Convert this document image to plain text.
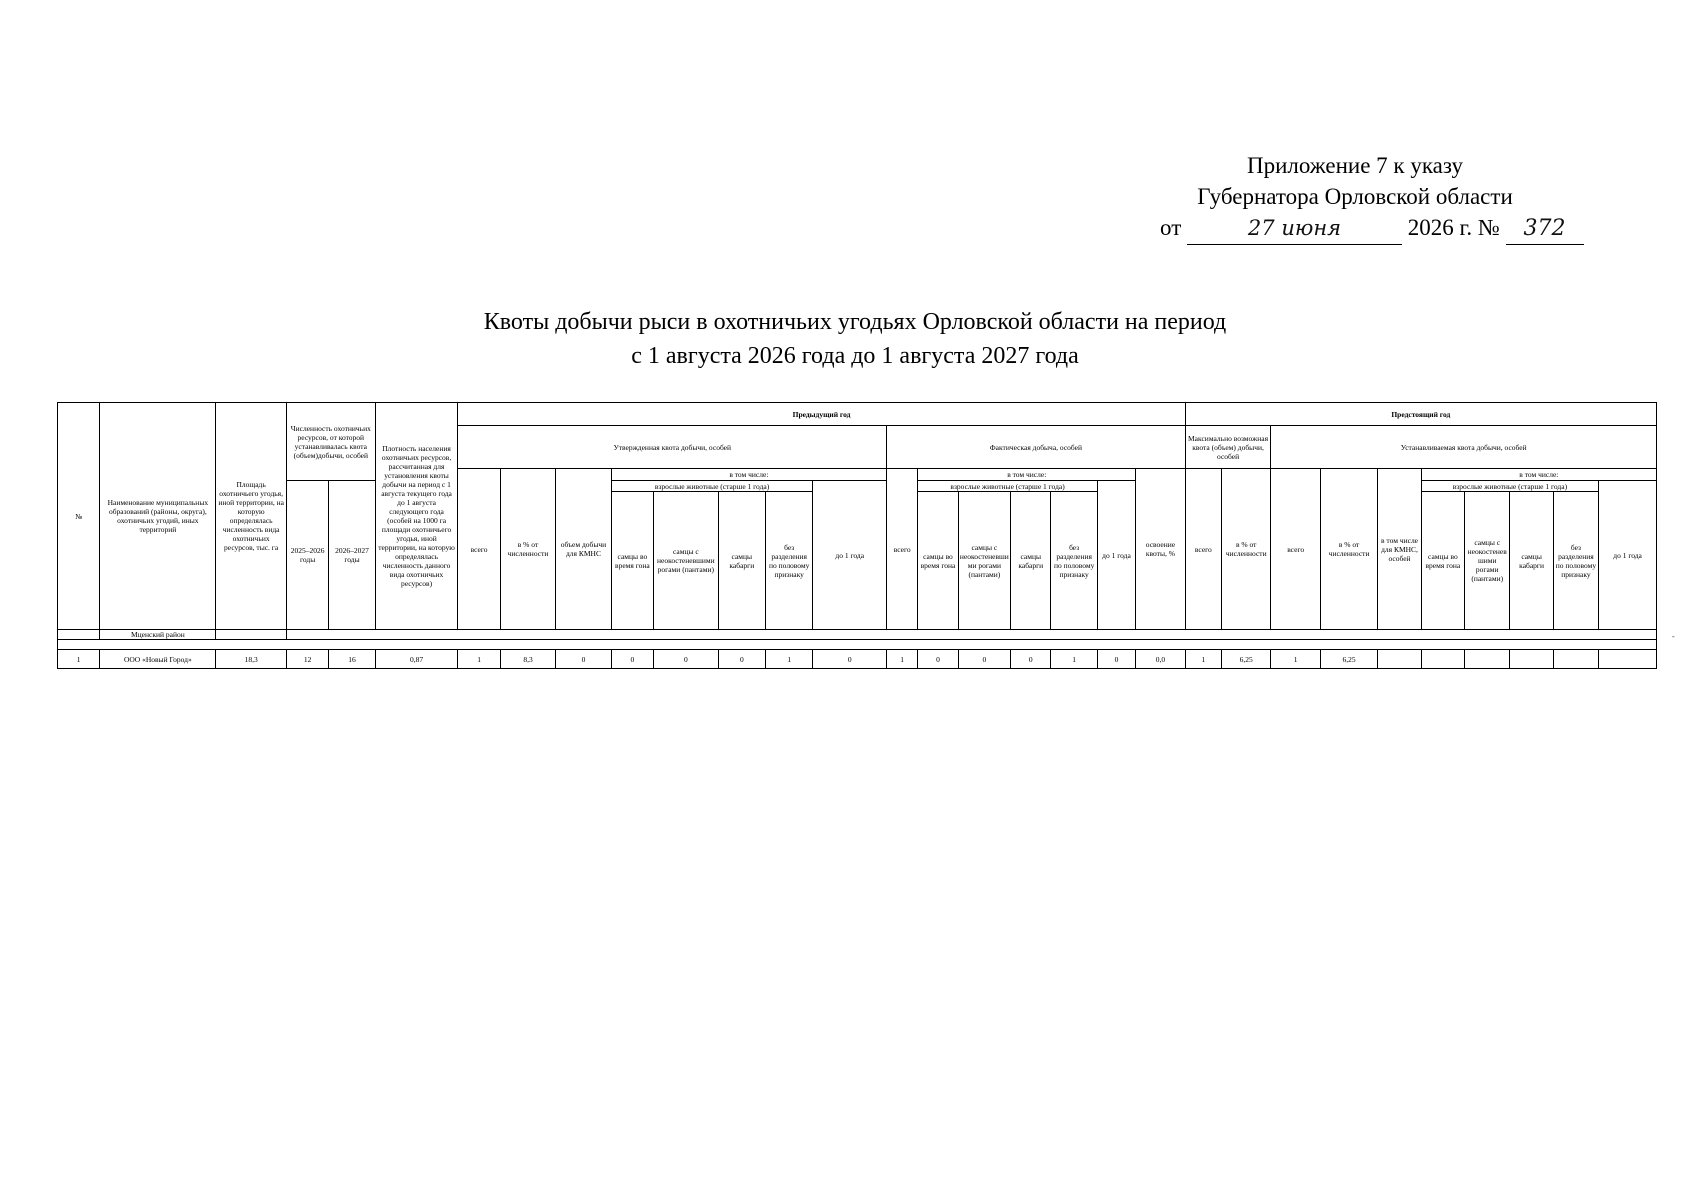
Приложение 7 к указу
Губернатора Орловской области
от	27 июня	2026 г. № 372
Квоты добычи рыси в охотничьих угодьях Орловской области на период
с 1 августа 2026 года до 1 августа 2027 года
№	Наименование муниципальных образований (районы, округа), охотничьих угодий, иных территорий	Площадь охотничьего угодья, иной территории, на которую определялась численность вида охотничьих ресурсов, тыс. га	Численность охотничьих ресурсов, от которой устанавливалась квота (объем)добычи, особей		Плотность населения охотничьих ресурсов, рассчитанная для установления квоты добычи на период с 1 августа текущего года до 1 августа следующего года (особей на 1000 га площади охотничьего угодья, иной территории, на которую определялась численность данного вида охотничьих ресурсов)	Предыдущий год															Предстоящий год									
						Утвержденная квота добычи, особей								Фактическая добыча, особей							Максимально возможная квота (объем) добычи, особей		Устанавливаемая квота добычи, особей							
						всего	в % от численности	объем добычи для КМНС	в том числе:					всего	в том числе:					освоение квоты, %	всего	в % от численности	всего	в % от численности	в том числе для КМНС, особей	в том числе:				
			2025–2026 годы	2026–2027 годы					взрослые животные (старше 1 года)				до 1 года		взрослые животные (старше 1 года)				до 1 года							взрослые животные (старше 1 года)				до 1 года
									самцы во время гона	самцы с неокостеневшими рогами (пантами)	самцы кабарги	без разделения по половому признаку			самцы во время гона	самцы с неокостеневшими рогами (пантами)	самцы кабарги	без разделения по половому признаку								самцы во время гона	самцы с неокостеневшими рогами (пантами)	самцы кабарги	без разделения по половому признаку	
	Мценский район																													

1	ООО «Новый Город»	18,3	12	16	0,87	1	8,3	0	0	0	0	1	0	1	0	0	0	1	0	0,0	1	6,25	1	6,25						
-
